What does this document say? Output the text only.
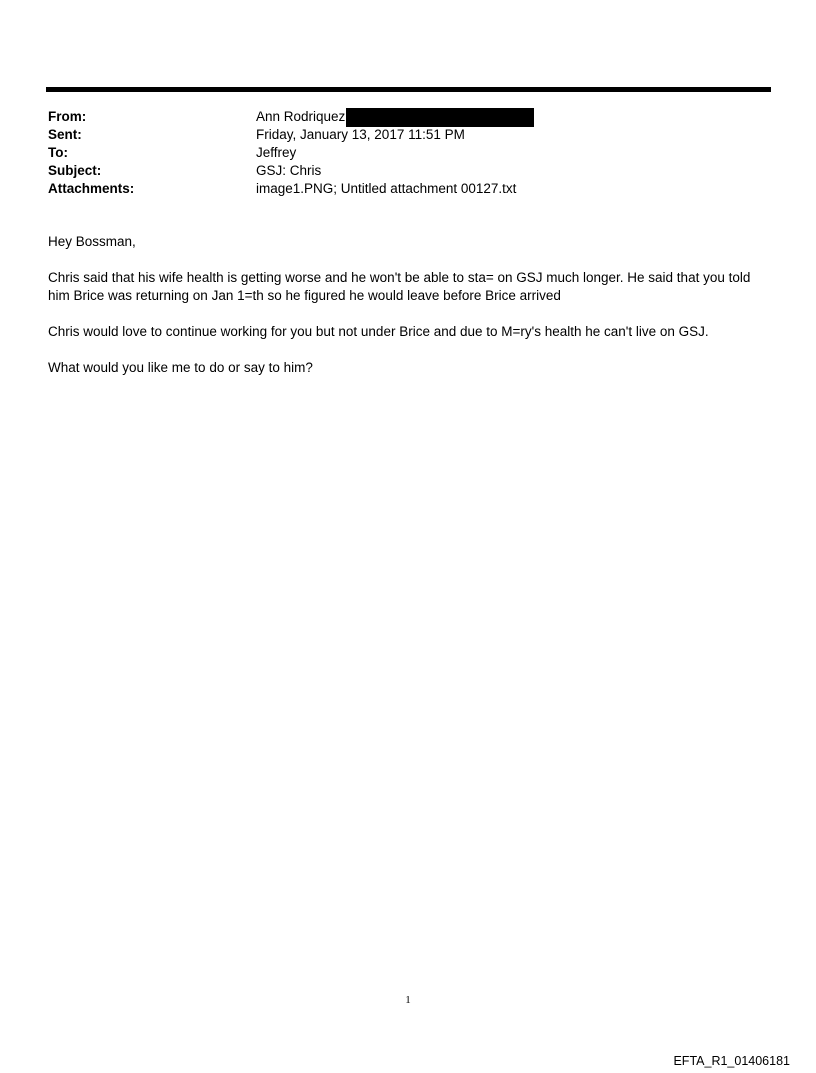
From:	Ann Rodriquez
Sent:	Friday, January 13, 2017 11:51 PM
To:	Jeffrey
Subject:	GSJ: Chris
Attachments:	image1.PNG; Untitled attachment 00127.txt

Hey Bossman,

Chris said that his wife health is getting worse and he won't be able to sta= on GSJ much longer. He said that you told him Brice was returning on Jan 1=th so he figured he would leave before Brice arrived

Chris would love to continue working for you but not under Brice and due to M=ry's health he can't live on GSJ.

What would you like me to do or say to him?

1
EFTA_R1_01406181
